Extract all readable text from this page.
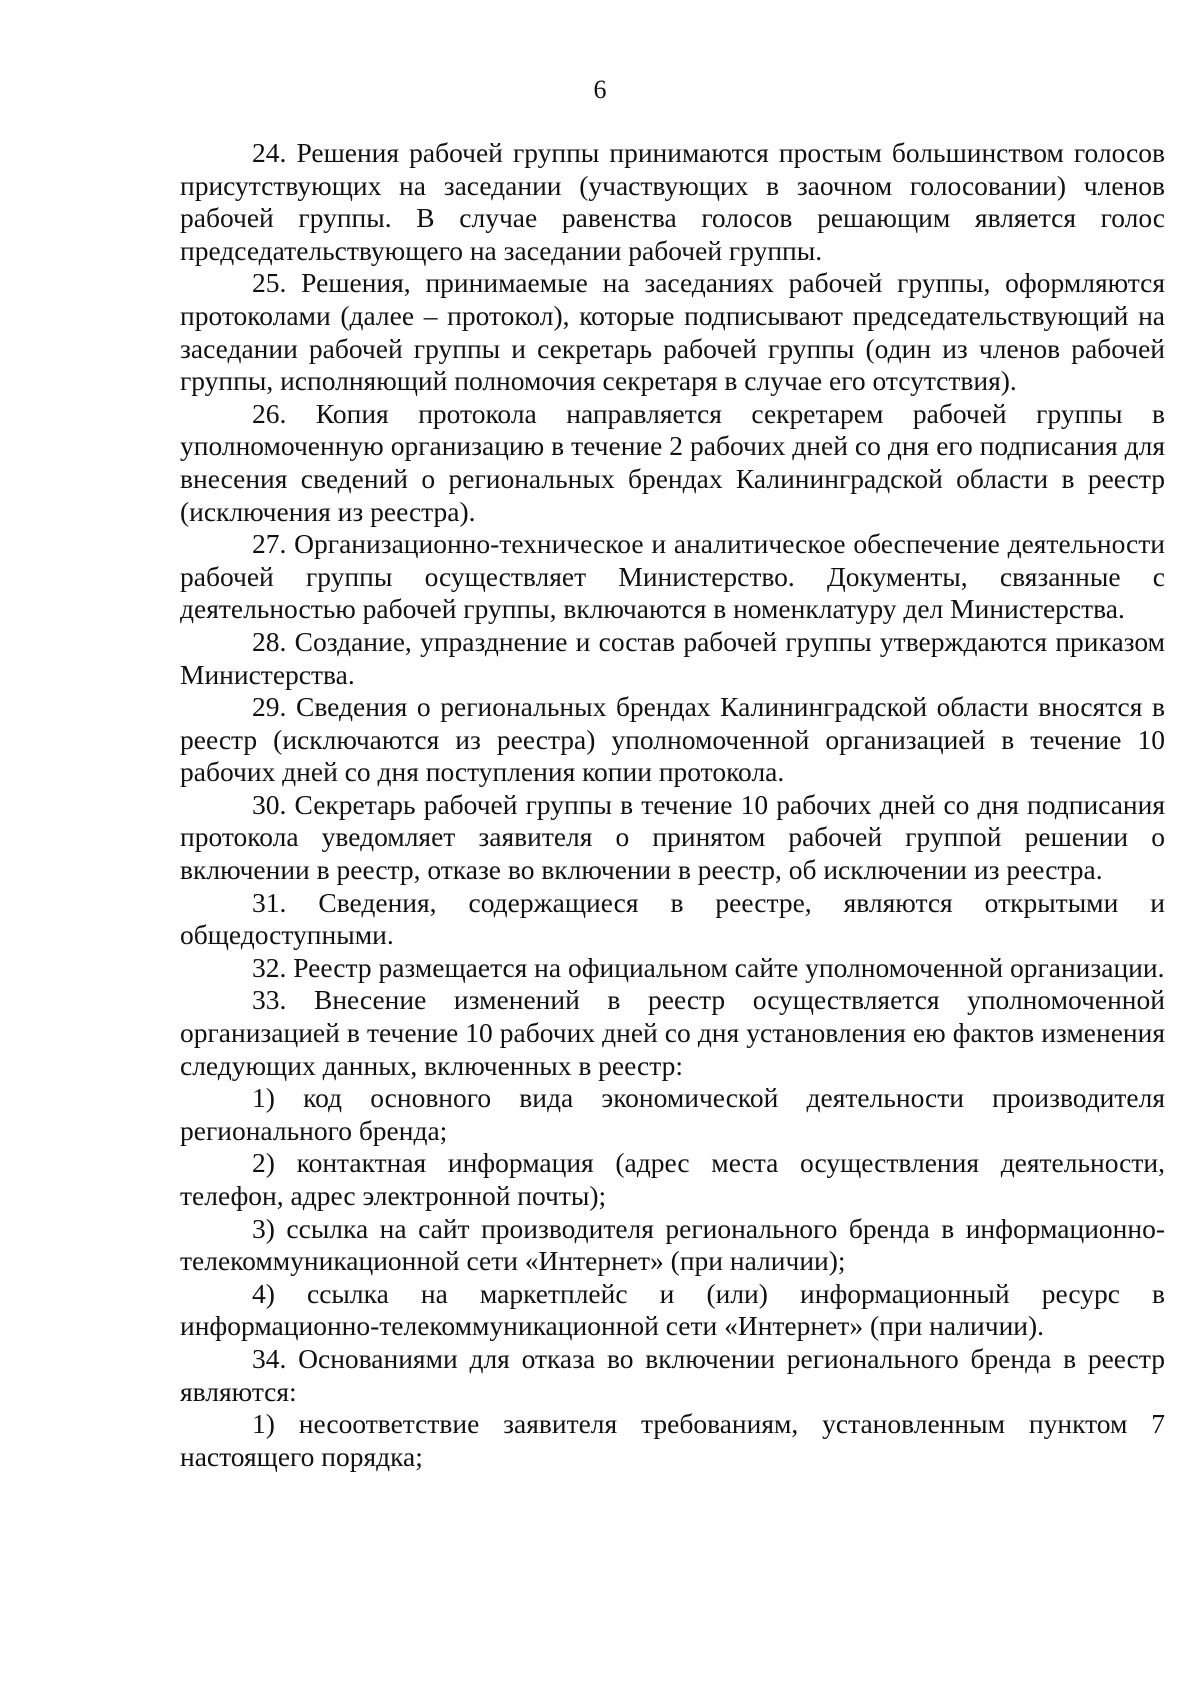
6

24. Решения рабочей группы принимаются простым большинством голосов присутствующих на заседании (участвующих в заочном голосовании) членов рабочей группы. В случае равенства голосов решающим является голос председательствующего на заседании рабочей группы.

25. Решения, принимаемые на заседаниях рабочей группы, оформляются протоколами (далее – протокол), которые подписывают председательствующий на заседании рабочей группы и секретарь рабочей группы (один из членов рабочей группы, исполняющий полномочия секретаря в случае его отсутствия).

26. Копия протокола направляется секретарем рабочей группы в уполномоченную организацию в течение 2 рабочих дней со дня его подписания для внесения сведений о региональных брендах Калининградской области в реестр (исключения из реестра).

27. Организационно-техническое и аналитическое обеспечение деятельности рабочей группы осуществляет Министерство. Документы, связанные с деятельностью рабочей группы, включаются в номенклатуру дел Министерства.

28. Создание, упразднение и состав рабочей группы утверждаются приказом Министерства.

29. Сведения о региональных брендах Калининградской области вносятся в реестр (исключаются из реестра) уполномоченной организацией в течение 10 рабочих дней со дня поступления копии протокола.

30. Секретарь рабочей группы в течение 10 рабочих дней со дня подписания протокола уведомляет заявителя о принятом рабочей группой решении о включении в реестр, отказе во включении в реестр, об исключении из реестра.

31. Сведения, содержащиеся в реестре, являются открытыми и общедоступными.

32. Реестр размещается на официальном сайте уполномоченной организации.

33. Внесение изменений в реестр осуществляется уполномоченной организацией в течение 10 рабочих дней со дня установления ею фактов изменения следующих данных, включенных в реестр:

1) код основного вида экономической деятельности производителя регионального бренда;

2) контактная информация (адрес места осуществления деятельности, телефон, адрес электронной почты);

3) ссылка на сайт производителя регионального бренда в информационно-телекоммуникационной сети «Интернет» (при наличии);

4) ссылка на маркетплейс и (или) информационный ресурс в информационно-телекоммуникационной сети «Интернет» (при наличии).

34. Основаниями для отказа во включении регионального бренда в реестр являются:

1) несоответствие заявителя требованиям, установленным пунктом 7 настоящего порядка;
